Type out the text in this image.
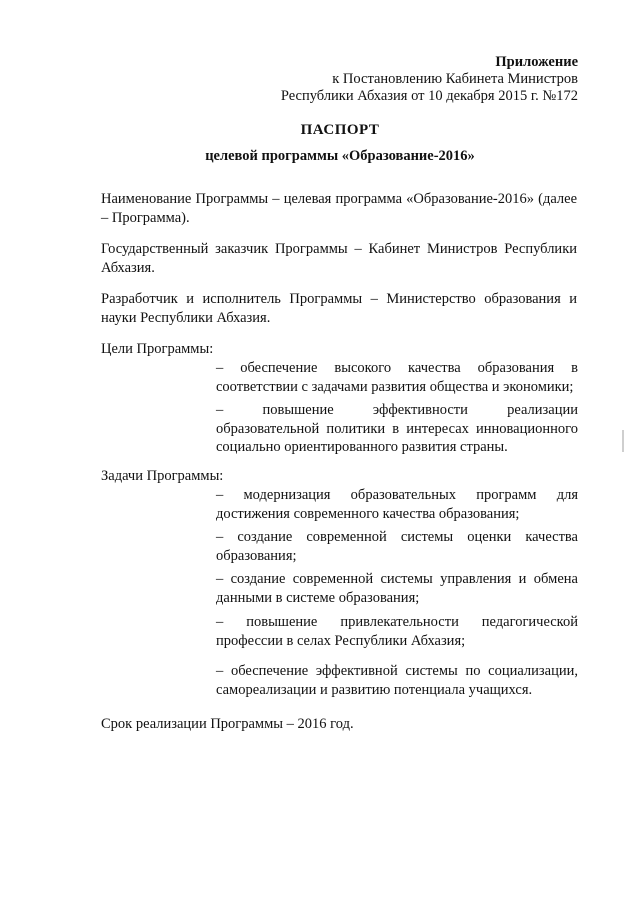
Приложение
к Постановлению Кабинета Министров
Республики Абхазия от 10 декабря 2015 г. №172
ПАСПОРТ
целевой программы «Образование-2016»
Наименование Программы – целевая программа «Образование-2016» (далее – Программа).
Государственный заказчик Программы – Кабинет Министров Республики Абхазия.
Разработчик и исполнитель Программы – Министерство образования и науки Республики Абхазия.
Цели Программы:
– обеспечение высокого качества образования в соответствии с задачами развития общества и экономики;
– повышение эффективности реализации образовательной политики в интересах инновационного социально ориентированного развития страны.
Задачи Программы:
– модернизация образовательных программ для достижения современного качества образования;
– создание современной системы оценки качества образования;
– создание современной системы управления и обмена данными в системе образования;
– повышение привлекательности педагогической профессии в селах Республики Абхазия;
– обеспечение эффективной системы по социализации, самореализации и развитию потенциала учащихся.
Срок реализации Программы – 2016 год.
